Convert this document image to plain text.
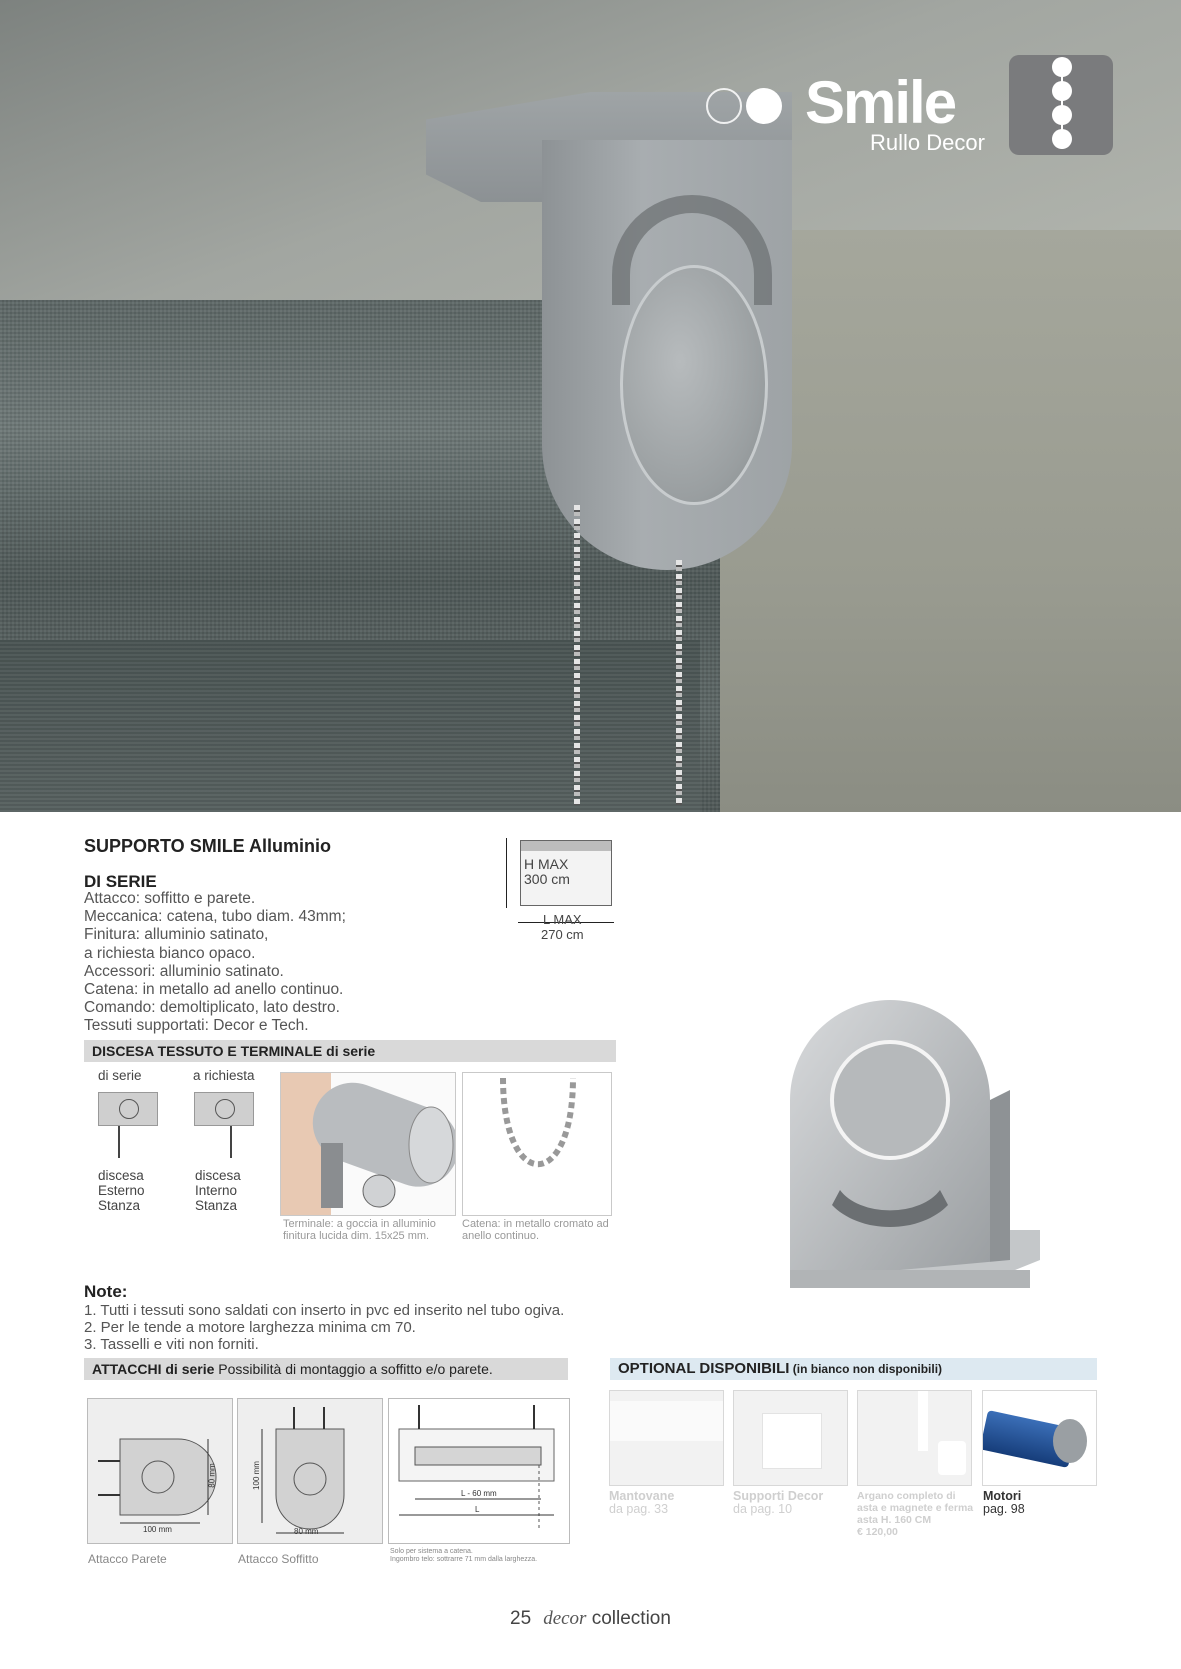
Smile
Rullo Decor
SUPPORTO SMILE Alluminio
DI SERIE
Attacco: soffitto e parete.
Meccanica: catena, tubo diam. 43mm;
Finitura: alluminio satinato,
a richiesta bianco opaco.
Accessori: alluminio satinato.
Catena: in metallo ad anello continuo.
Comando: demoltiplicato, lato destro.
Tessuti supportati: Decor e Tech.
H MAX
300 cm
L MAX
270 cm
DISCESA TESSUTO E TERMINALE di serie
di serie	a richiesta
discesa
Esterno
Stanza
discesa
Interno
Stanza
Terminale: a goccia in alluminio finitura lucida dim. 15x25 mm.
Catena: in metallo cromato ad anello continuo.
Note:
1. Tutti i tessuti sono saldati con inserto in pvc ed inserito nel tubo ogiva.
2. Per le tende a motore larghezza minima cm 70.
3. Tasselli e viti non forniti.
ATTACCHI di serie Possibilità di montaggio a soffitto e/o parete.
100 mm
80 mm
80 mm
100 mm
L - 60 mm
L
Attacco Parete	Attacco Soffitto
Solo per sistema a catena.
Ingombro telo: sottrarre 71 mm dalla larghezza.
OPTIONAL DISPONIBILI (in bianco non disponibili)
Mantovane
da pag. 33
Supporti Decor
da pag. 10
Argano completo di asta e magnete e ferma asta H. 160 CM
€ 120,00
Motori
pag. 98
25 decor collection
